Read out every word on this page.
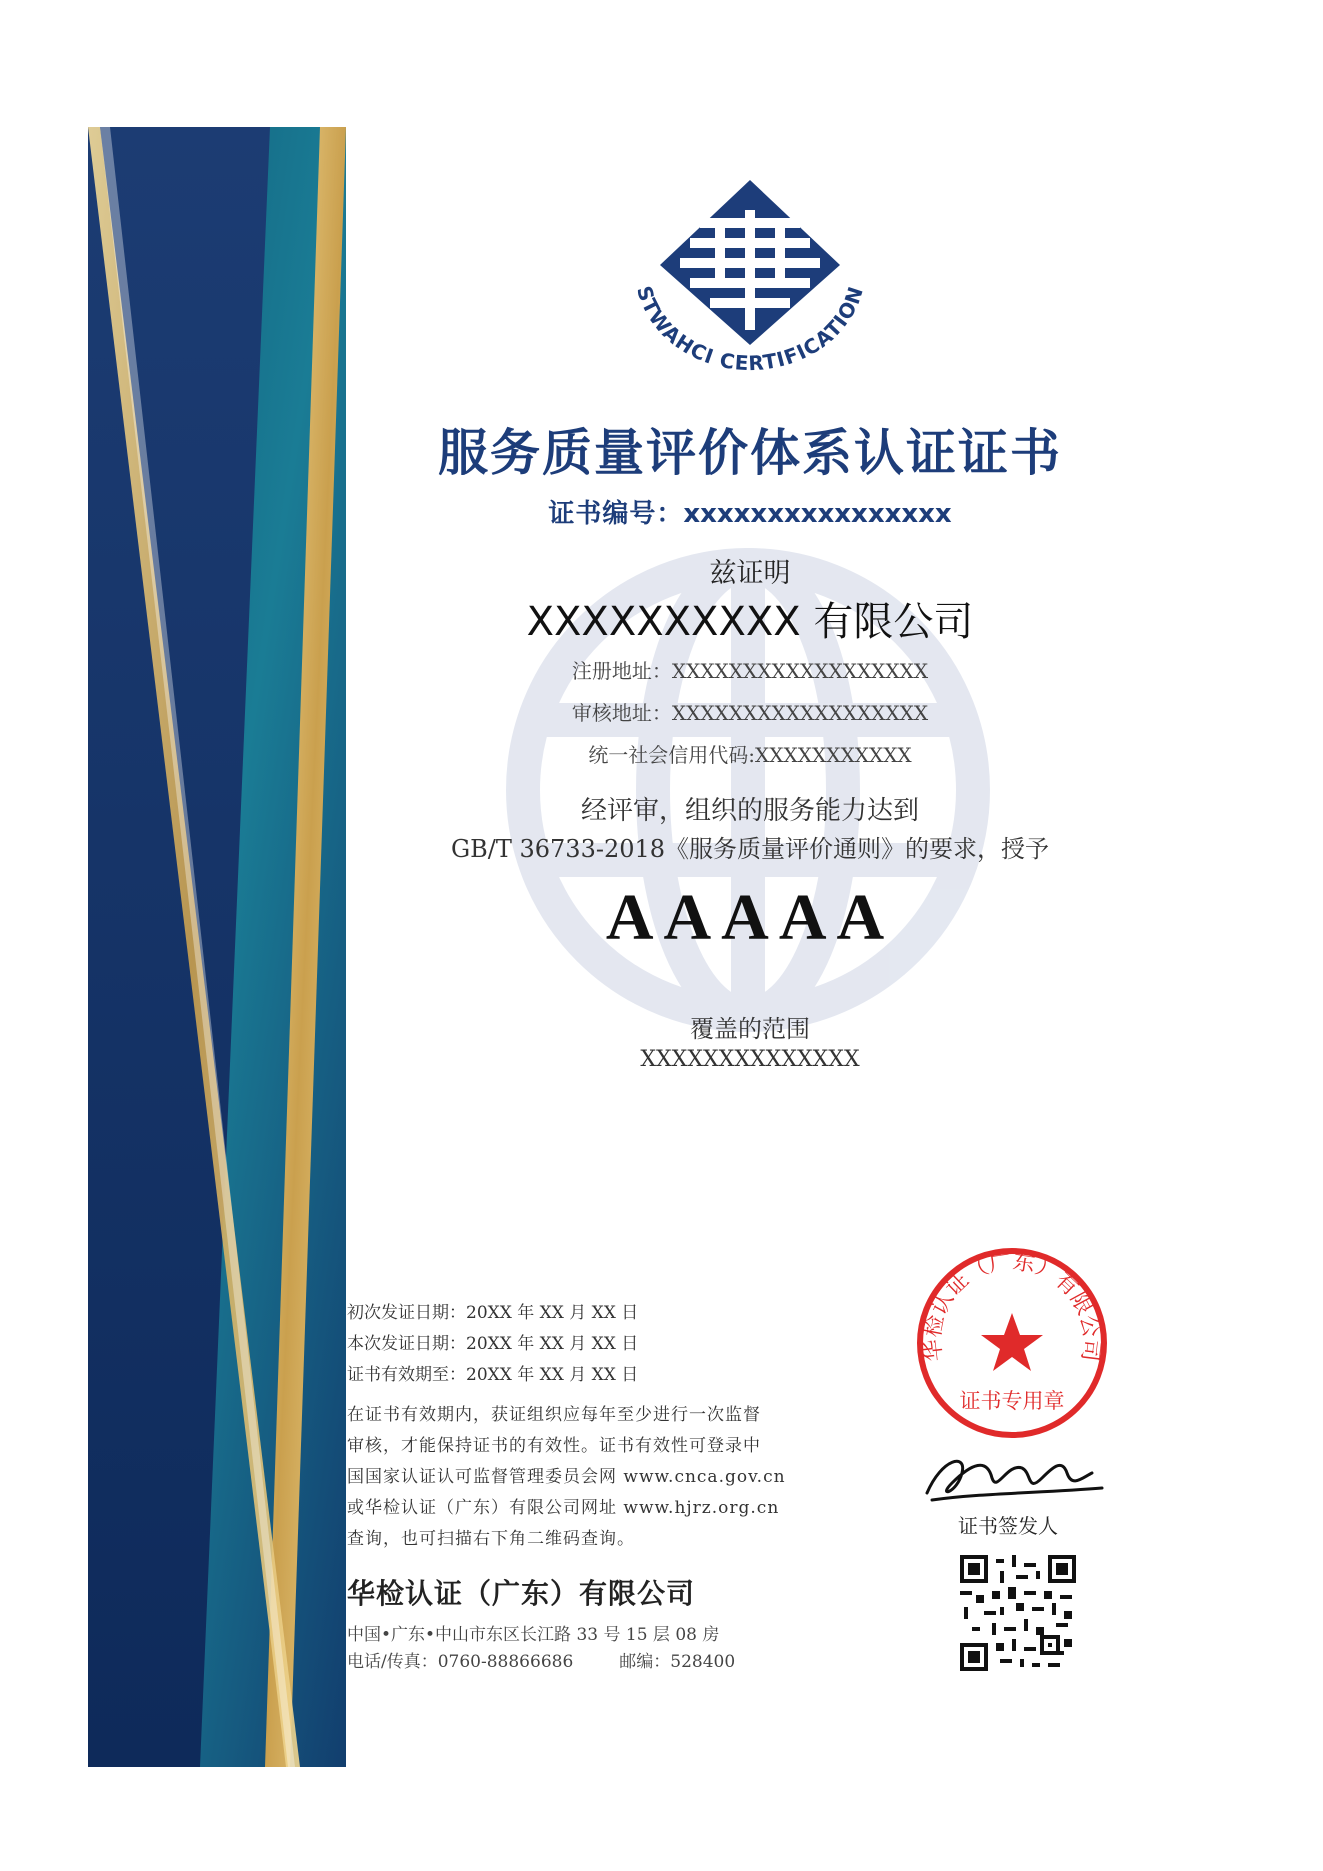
STWAHCI CERTIFICATION
服务质量评价体系认证证书
证书编号：xxxxxxxxxxxxxxxx
兹证明
XXXXXXXXXX 有限公司
注册地址：XXXXXXXXXXXXXXXXXX
审核地址：XXXXXXXXXXXXXXXXXX
统一社会信用代码:XXXXXXXXXXX
经评审，组织的服务能力达到
GB/T 36733-2018《服务质量评价通则》的要求，授予
AAAAA
覆盖的范围
XXXXXXXXXXXXXX
初次发证日期：20XX 年 XX 月 XX 日
本次发证日期：20XX 年 XX 月 XX 日
证书有效期至：20XX 年 XX 月 XX 日
在证书有效期内，获证组织应每年至少进行一次监督
审核，才能保持证书的有效性。证书有效性可登录中
国国家认证认可监督管理委员会网 www.cnca.gov.cn
或华检认证（广东）有限公司网址 www.hjrz.org.cn
查询，也可扫描右下角二维码查询。
华检认证（广东）有限公司
中国•广东•中山市东区长江路 33 号 15 层 08 房
电话/传真：0760-88866686	邮编：528400
华检认证（广东）有限公司
证书专用章
证书签发人
